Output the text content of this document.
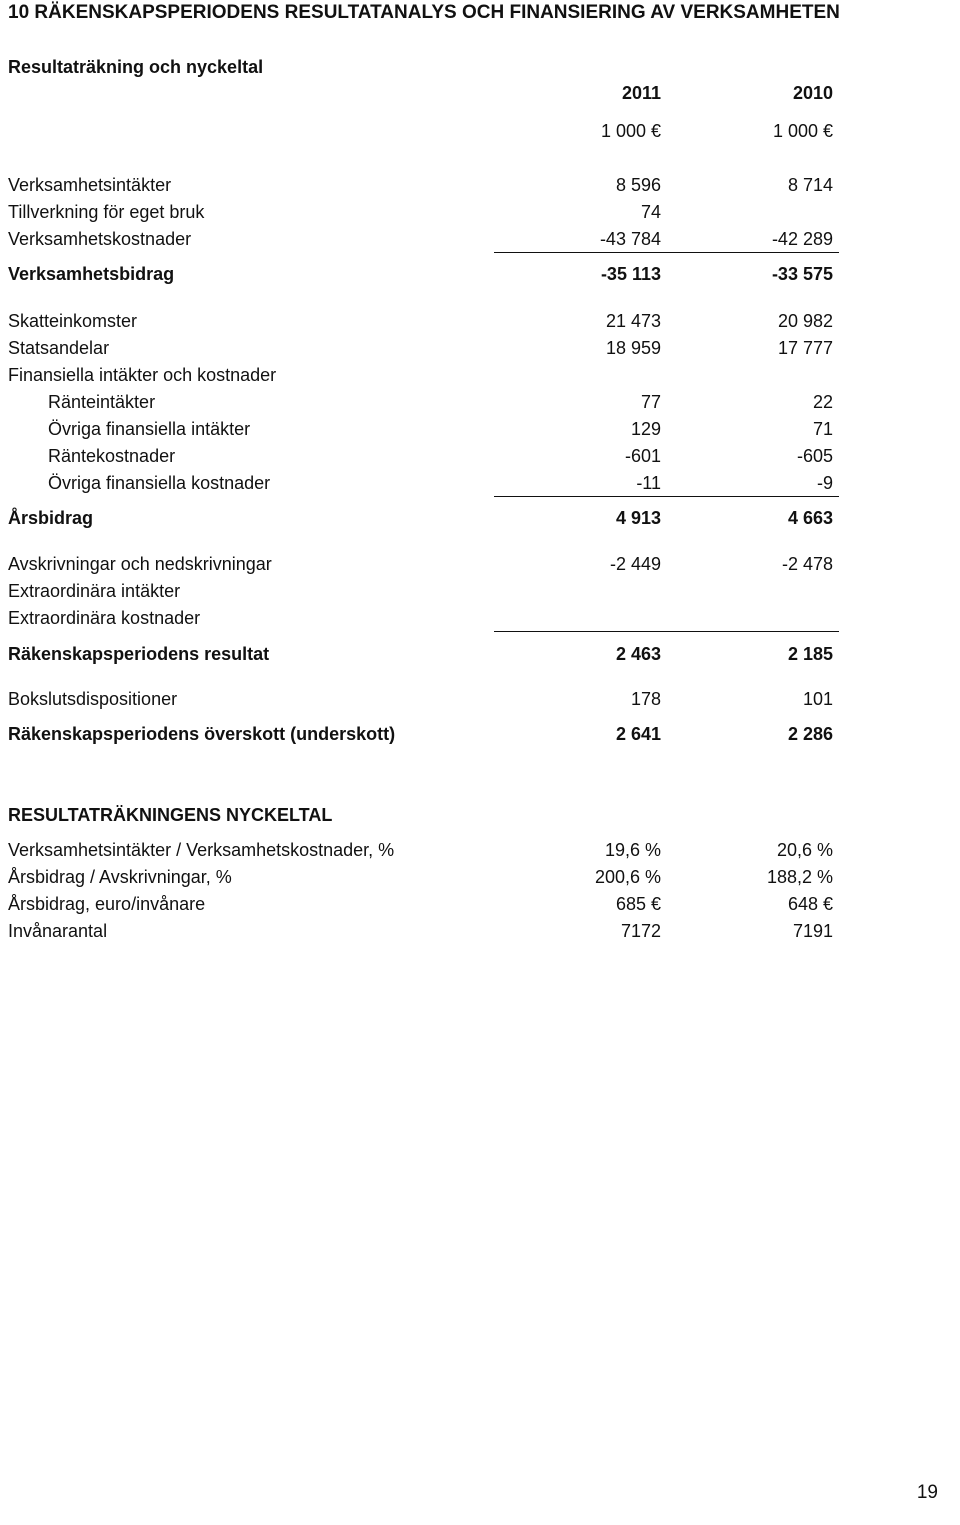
10 RÄKENSKAPSPERIODENS RESULTATANALYS OCH FINANSIERING AV VERKSAMHETEN
Resultaträkning och nyckeltal
2011	2010
1 000 €	1 000 €
Verksamhetsintäkter	8 596	8 714
Tillverkning för eget bruk	74
Verksamhetskostnader	-43 784	-42 289
Verksamhetsbidrag	-35 113	-33 575
Skatteinkomster	21 473	20 982
Statsandelar	18 959	17 777
Finansiella intäkter och kostnader
Ränteintäkter	77	22
Övriga finansiella intäkter	129	71
Räntekostnader	-601	-605
Övriga finansiella kostnader	-11	-9
Årsbidrag	4 913	4 663
Avskrivningar och nedskrivningar	-2 449	-2 478
Extraordinära intäkter
Extraordinära kostnader
Räkenskapsperiodens resultat	2 463	2 185
Bokslutsdispositioner	178	101
Räkenskapsperiodens överskott (underskott)	2 641	2 286
RESULTATRÄKNINGENS NYCKELTAL
Verksamhetsintäkter / Verksamhetskostnader, %	19,6 %	20,6 %
Årsbidrag / Avskrivningar, %	200,6 %	188,2 %
Årsbidrag, euro/invånare	685 €	648 €
Invånarantal	7172	7191
19
